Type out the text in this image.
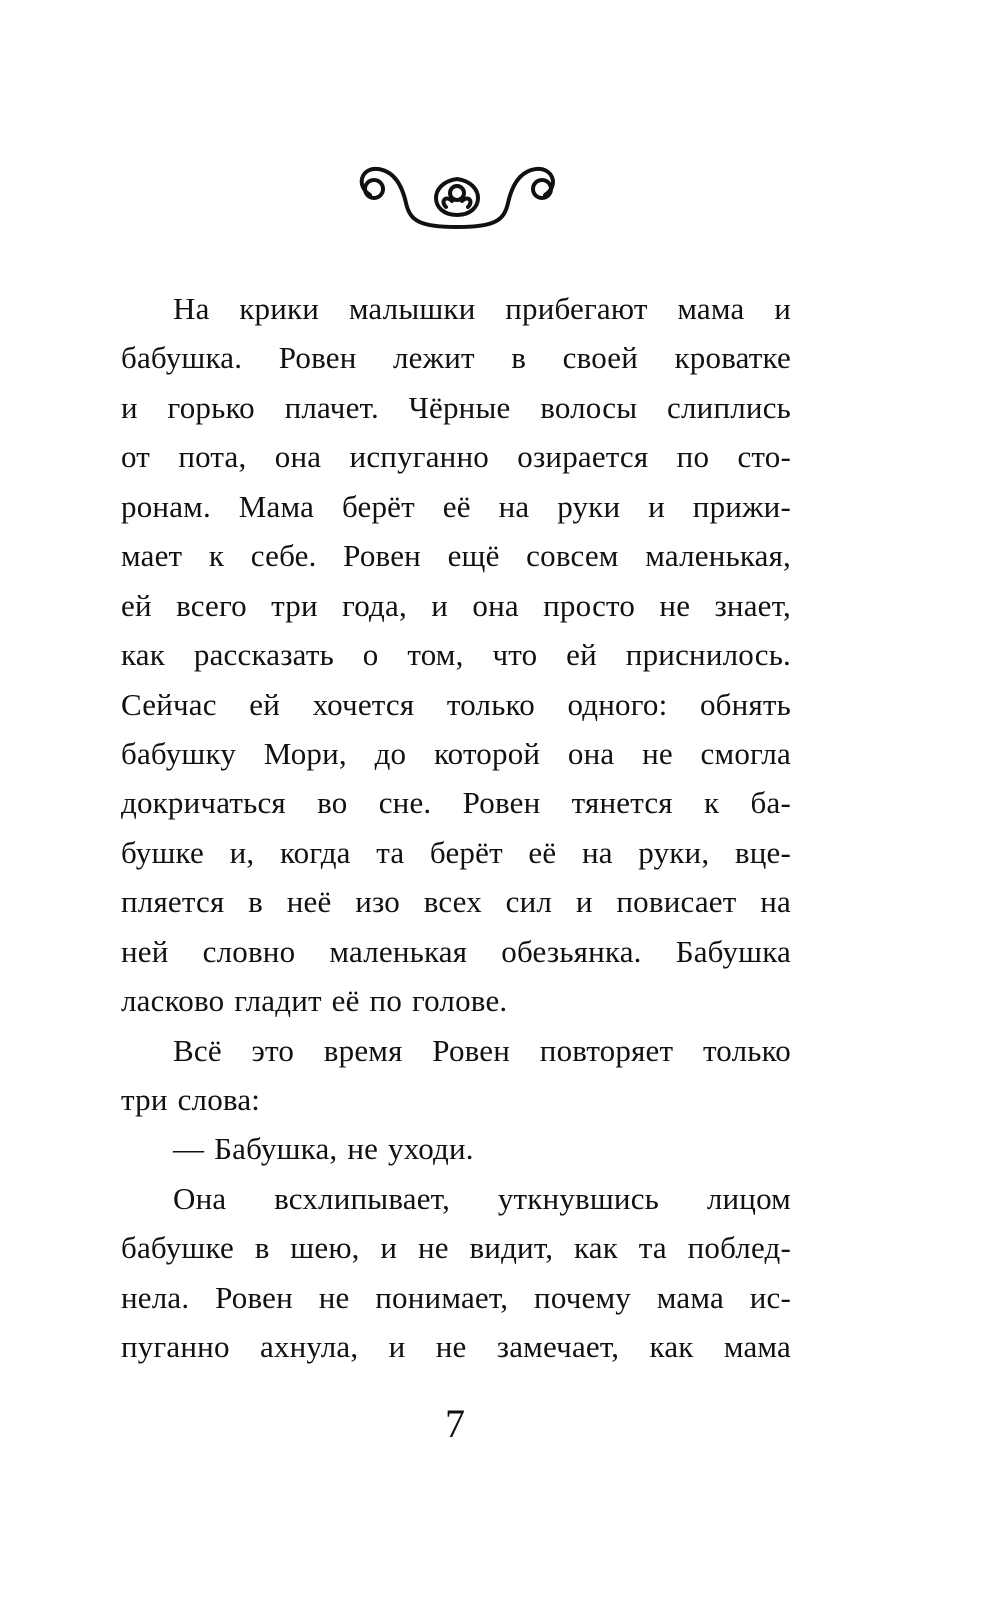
На крики малышки прибегают мама и
бабушка. Ровен лежит в своей кроватке
и горько плачет. Чёрные волосы слиплись
от пота, она испуганно озирается по сто-
ронам. Мама берёт её на руки и прижи-
мает к себе. Ровен ещё совсем маленькая,
ей всего три года, и она просто не знает,
как рассказать о том, что ей приснилось.
Сейчас ей хочется только одного: обнять
бабушку Мори, до которой она не смогла
докричаться во сне. Ровен тянется к ба-
бушке и, когда та берёт её на руки, вце-
пляется в неё изо всех сил и повисает на
ней словно маленькая обезьянка. Бабушка
ласково гладит её по голове.
Всё это время Ровен повторяет только
три слова:
— Бабушка, не уходи.
Она всхлипывает, уткнувшись лицом
бабушке в шею, и не видит, как та поблед-
нела. Ровен не понимает, почему мама ис-
пуганно ахнула, и не замечает, как мама
7
